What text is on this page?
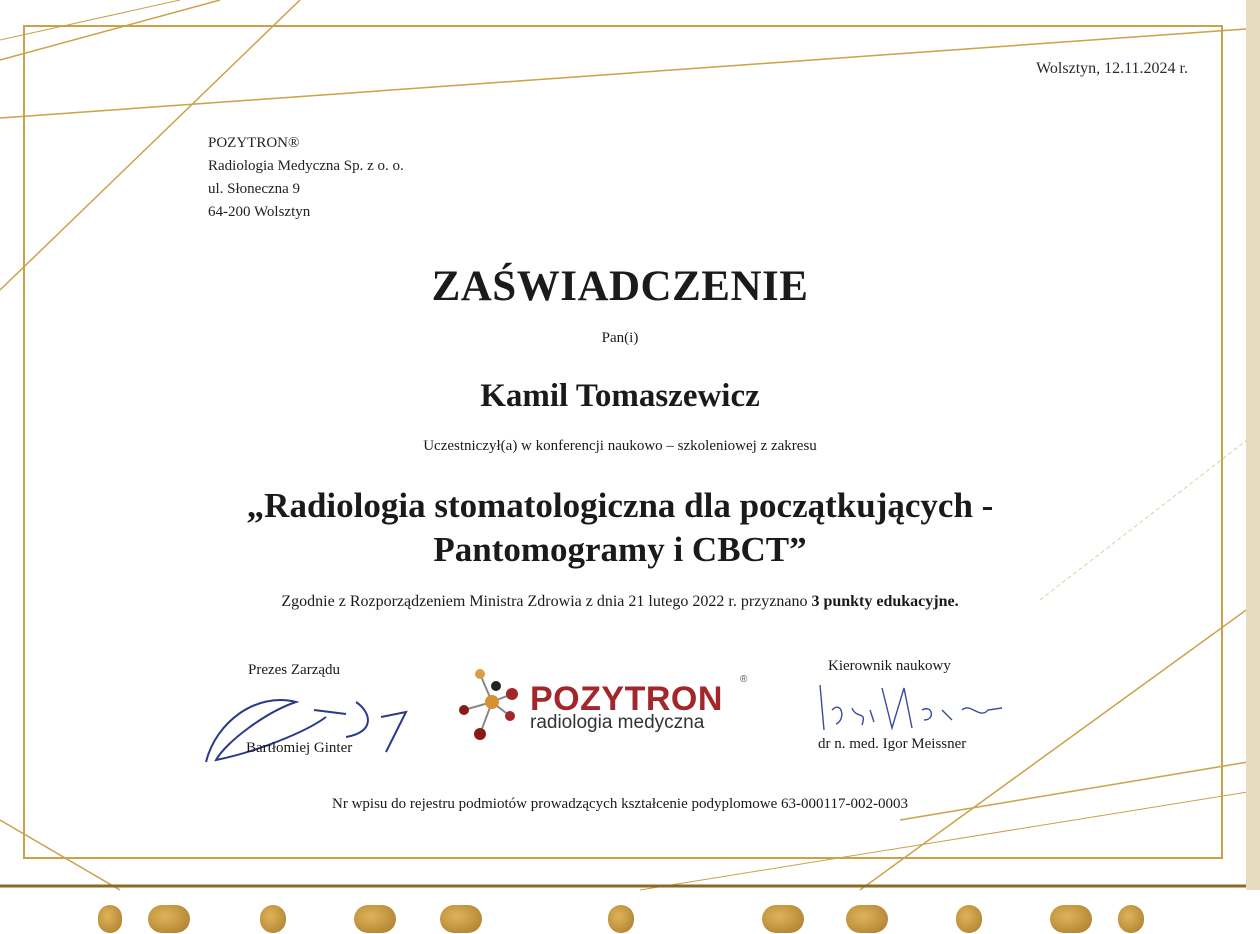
Wolsztyn, 12.11.2024 r.

POZYTRON®
Radiologia Medyczna Sp. z o. o.
ul. Słoneczna 9
64-200 Wolsztyn
ZAŚWIADCZENIE

Pan(i)

Kamil Tomaszewicz

Uczestniczył(a) w konferencji naukowo – szkoleniowej z zakresu

„Radiologia stomatologiczna dla początkujących -
Pantomogramy i CBCT”

Zgodnie z Rozporządzeniem Ministra Zdrowia z dnia 21 lutego 2022 r. przyznano 3 punkty edukacyjne.

Prezes Zarządu

Bartłomiej Ginter

POZYTRON
®
radiologia medyczna

Kierownik naukowy

dr n. med. Igor Meissner

Nr wpisu do rejestru podmiotów prowadzących kształcenie podyplomowe 63-000117-002-0003
